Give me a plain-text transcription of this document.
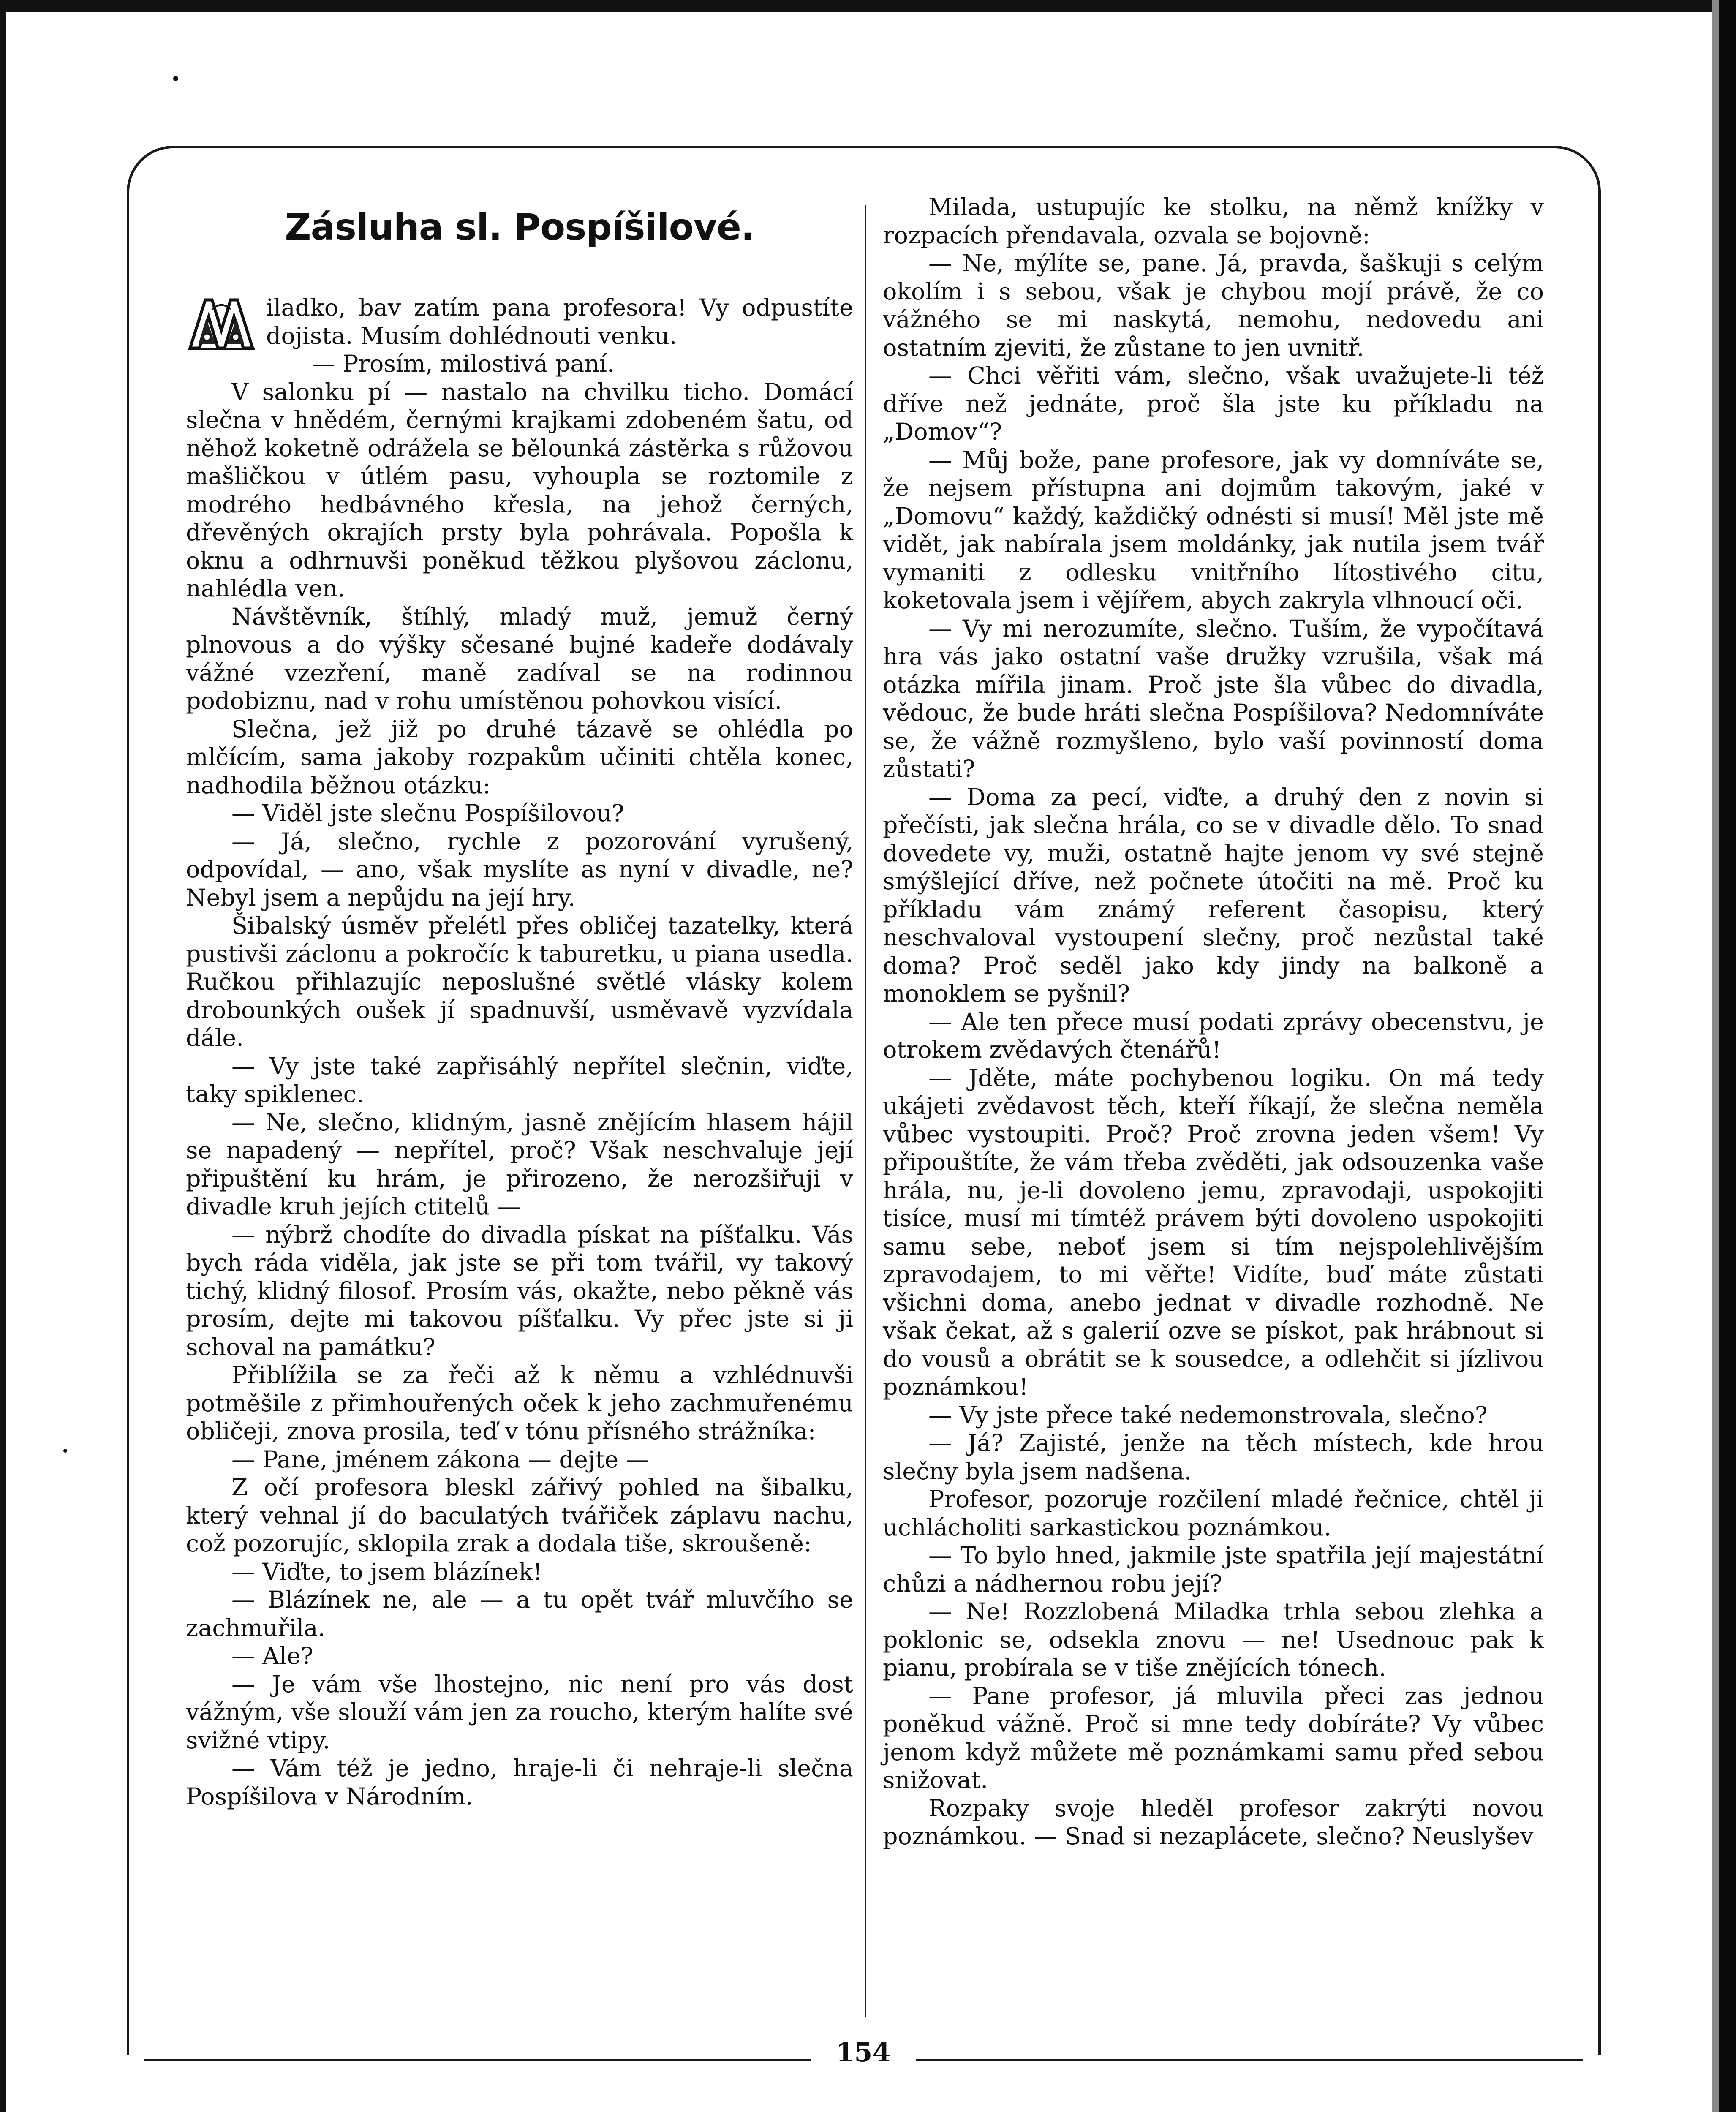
Zásluha sl. Pospíšilové.

iladko, bav zatím pana profesora! Vy odpustíte dojista. Musím dohlédnouti venku.

— Prosím, milostivá paní.

V salonku pí — nastalo na chvilku ticho. Domácí slečna v hnědém, černými krajkami zdobeném šatu, od něhož koketně odrážela se bělounká zástěrka s růžovou mašličkou v útlém pasu, vyhoupla se roztomile z modrého hedbávného křesla, na jehož černých, dřevěných okrajích prsty byla pohrávala. Popošla k oknu a odhrnuvši poněkud těžkou plyšovou záclonu, nahlédla ven.

Návštěvník, štíhlý, mladý muž, jemuž černý plnovous a do výšky sčesané bujné kadeře dodávaly vážné vzezření, maně zadíval se na rodinnou podobiznu, nad v rohu umístěnou pohovkou visící.

Slečna, jež již po druhé tázavě se ohlédla po mlčícím, sama jakoby rozpakům učiniti chtěla konec, nadhodila běžnou otázku:

— Viděl jste slečnu Pospíšilovou?

— Já, slečno, rychle z pozorování vyrušený, odpovídal, — ano, však myslíte as nyní v divadle, ne? Nebyl jsem a nepůjdu na její hry.

Šibalský úsměv přelétl přes obličej tazatelky, která pustivši záclonu a pokročíc k taburetku, u piana usedla. Ručkou přihlazujíc neposlušné světlé vlásky kolem drobounkých oušek jí spadnuvší, usměvavě vyzvídala dále.

— Vy jste také zapřisáhlý nepřítel slečnin, viďte, taky spiklenec.

— Ne, slečno, klidným, jasně znějícím hlasem hájil se napadený — nepřítel, proč? Však neschvaluje její připuštění ku hrám, je přirozeno, že nerozšiřuji v divadle kruh jejích ctitelů —

— nýbrž chodíte do divadla pískat na píšťalku. Vás bych ráda viděla, jak jste se při tom tvářil, vy takový tichý, klidný filosof. Prosím vás, okažte, nebo pěkně vás prosím, dejte mi takovou píšťalku. Vy přec jste si ji schoval na památku?

Přiblížila se za řeči až k němu a vzhlédnuvši potměšile z přimhouřených oček k jeho zachmuřenému obličeji, znova prosila, teď v tónu přísného strážníka:

— Pane, jménem zákona — dejte —

Z očí profesora bleskl zářivý pohled na šibalku, který vehnal jí do baculatých tvářiček záplavu nachu, což pozorujíc, sklopila zrak a dodala tiše, skroušeně:

— Viďte, to jsem blázínek!

— Blázínek ne, ale — a tu opět tvář mluvčího se zachmuřila.

— Ale?

— Je vám vše lhostejno, nic není pro vás dost vážným, vše slouží vám jen za roucho, kterým halíte své svižné vtipy.

— Vám též je jedno, hraje-li či nehraje-li slečna Pospíšilova v Národním.

Milada, ustupujíc ke stolku, na němž knížky v rozpacích přendavala, ozvala se bojovně:

— Ne, mýlíte se, pane. Já, pravda, šaškuji s celým okolím i s sebou, však je chybou mojí právě, že co vážného se mi naskytá, nemohu, nedovedu ani ostatním zjeviti, že zůstane to jen uvnitř.

— Chci věřiti vám, slečno, však uvažujete-li též dříve než jednáte, proč šla jste ku příkladu na „Domov“?

— Můj bože, pane profesore, jak vy domníváte se, že nejsem přístupna ani dojmům takovým, jaké v „Domovu“ každý, každičký odnésti si musí! Měl jste mě vidět, jak nabírala jsem moldánky, jak nutila jsem tvář vymaniti z odlesku vnitřního lítostivého citu, koketovala jsem i vějířem, abych zakryla vlhnoucí oči.

— Vy mi nerozumíte, slečno. Tuším, že vypočítavá hra vás jako ostatní vaše družky vzrušila, však má otázka mířila jinam. Proč jste šla vůbec do divadla, vědouc, že bude hráti slečna Pospíšilova? Nedomníváte se, že vážně rozmyšleno, bylo vaší povinností doma zůstati?

— Doma za pecí, viďte, a druhý den z novin si přečísti, jak slečna hrála, co se v divadle dělo. To snad dovedete vy, muži, ostatně hajte jenom vy své stejně smýšlející dříve, než počnete útočiti na mě. Proč ku příkladu vám známý referent časopisu, který neschvaloval vystoupení slečny, proč nezůstal také doma? Proč seděl jako kdy jindy na balkoně a monoklem se pyšnil?

— Ale ten přece musí podati zprávy obecenstvu, je otrokem zvědavých čtenářů!

— Jděte, máte pochybenou logiku. On má tedy ukájeti zvědavost těch, kteří říkají, že slečna neměla vůbec vystoupiti. Proč? Proč zrovna jeden všem! Vy připouštíte, že vám třeba zvěděti, jak odsouzenka vaše hrála, nu, je-li dovoleno jemu, zpravodaji, uspokojiti tisíce, musí mi tímtéž právem býti dovoleno uspokojiti samu sebe, neboť jsem si tím nejspolehlivějším zpravodajem, to mi věřte! Vidíte, buď máte zůstati všichni doma, anebo jednat v divadle rozhodně. Ne však čekat, až s galerií ozve se pískot, pak hrábnout si do vousů a obrátit se k sousedce, a odlehčit si jízlivou poznámkou!

— Vy jste přece také nedemonstrovala, slečno?

— Já? Zajisté, jenže na těch místech, kde hrou slečny byla jsem nadšena.

Profesor, pozoruje rozčilení mladé řečnice, chtěl ji uchlácholiti sarkastickou poznámkou.

— To bylo hned, jakmile jste spatřila její majestátní chůzi a nádhernou robu její?

— Ne! Rozzlobená Miladka trhla sebou zlehka a poklonic se, odsekla znovu — ne! Usednouc pak k pianu, probírala se v tiše znějících tónech.

— Pane profesor, já mluvila přeci zas jednou poněkud vážně. Proč si mne tedy dobíráte? Vy vůbec jenom když můžete mě poznámkami samu před sebou snižovat.

Rozpaky svoje hleděl profesor zakrýti novou poznámkou. — Snad si nezaplácete, slečno? Neuslyšev

154
